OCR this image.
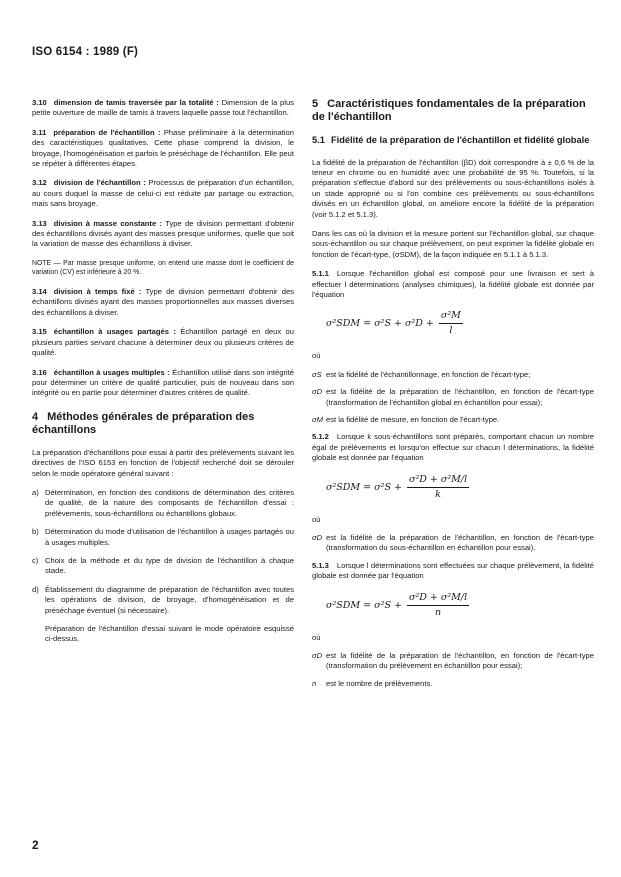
ISO 6154 : 1989 (F)
3.10 dimension de tamis traversée par la totalité : Dimension de la plus petite ouverture de maille de tamis à travers laquelle passe tout l'échantillon.
3.11 préparation de l'échantillon : Phase préliminaire à la détermination des caractéristiques qualitatives. Cette phase comprend la division, le broyage, l'homogénéisation et parfois le préséchage de l'échantillon. Elle peut se répéter à différentes étapes.
3.12 division de l'échantillon : Processus de préparation d'un échantillon, au cours duquel la masse de celui-ci est réduite par partage ou extraction, mais sans broyage.
3.13 division à masse constante : Type de division permettant d'obtenir des échantillons divisés ayant des masses presque uniformes, quelle que soit la variation de masse des échantillons à diviser.
NOTE — Par masse presque uniforme, on entend une masse dont le coefficient de variation (CV) est inférieure à 20 %.
3.14 division à temps fixé : Type de division permettant d'obtenir des échantillons divisés ayant des masses proportionnelles aux masses diverses des échantillons à diviser.
3.15 échantillon à usages partagés : Échantillon partagé en deux ou plusieurs parties servant chacune à déterminer deux ou plusieurs critères de qualité.
3.16 échantillon à usages multiples : Échantillon utilisé dans son intégrité pour déterminer un critère de qualité particulier, puis de nouveau dans son intégrité ou en partie pour déterminer d'autres critères de qualité.
4 Méthodes générales de préparation des échantillons
La préparation d'échantillons pour essai à partir des prélèvements suivant les directives de l'ISO 6153 en fonction de l'objectif recherché doit se dérouler selon le mode opératoire général suivant :
a) Détermination, en fonction des conditions de détermination des critères de qualité, de la nature des composants de l'échantillon d'essai : prélèvements, sous-échantillons ou échantillons globaux.
b) Détermination du mode d'utilisation de l'échantillon à usages partagés ou à usages multiples.
c) Choix de la méthode et du type de division de l'échantillon à chaque stade.
d) Établissement du diagramme de préparation de l'échantillon avec toutes les opérations de division, de broyage, d'homogénéisation et de préséchage éventuel (si nécessaire).
Préparation de l'échantillon d'essai suivant le mode opératoire esquissé ci-dessus.
5 Caractéristiques fondamentales de la préparation de l'échantillon
5.1 Fidélité de la préparation de l'échantillon et fidélité globale
La fidélité de la préparation de l'échantillon (βD) doit correspondre à ± 0,6 % de la teneur en chrome ou en humidité avec une probabilité de 95 %. Toutefois, si la préparation s'effectue d'abord sur des prélèvements ou sous-échantillons isolés à un stade approprié ou si l'on combine ces prélèvements ou sous-échantillons divisés en un échantillon global, on améliore encore la fidélité de la préparation (voir 5.1.2 et 5.1.3).
Dans les cas où la division et la mesure portent sur l'échantillon global, sur chaque sous-échantillon ou sur chaque prélèvement, on peut exprimer la fidélité globale en fonction de l'écart-type, (σSDM), de la façon indiquée en 5.1.1 à 5.1.3.
5.1.1 Lorsque l'échantillon global est composé pour une livraison et sert à effectuer l déterminations (analyses chimiques), la fidélité globale est donnée par l'équation
$\sigma^2SDM = \sigma^2S + \sigma^2D + \frac{\text{σ²M}}{l}$
où
σS est la fidélité de l'échantillonnage, en fonction de l'écart-type;
σD est la fidélité de la préparation de l'échantillon, en fonction de l'écart-type (transformation de l'échantillon global en échantillon pour essai);
σM est la fidélité de mesure, en fonction de l'écart-type.
5.1.2 Lorsque k sous-échantillons sont préparés, comportant chacun un nombre égal de prélèvements et lorsqu'on effectue sur chacun l déterminations, la fidélité globale est donnée par l'équation
$\sigma^2SDM = \sigma^2S + \frac{\text{σ²D + σ²M/l}}{k}$
où
σD est la fidélité de la préparation de l'échantillon, en fonction de l'écart-type (transformation du sous-échantillon en échantillon pour essai).
5.1.3 Lorsque l déterminations sont effectuées sur chaque prélèvement, la fidélité globale est donnée par l'équation
$\sigma^2SDM = \sigma^2S + \frac{\text{σ²D + σ²M/l}}{n}$
où
σD est la fidélité de la préparation de l'échantillon, en fonction de l'écart-type (transformation du prélèvement en échantillon pour essai);
n est le nombre de prélèvements.
2
